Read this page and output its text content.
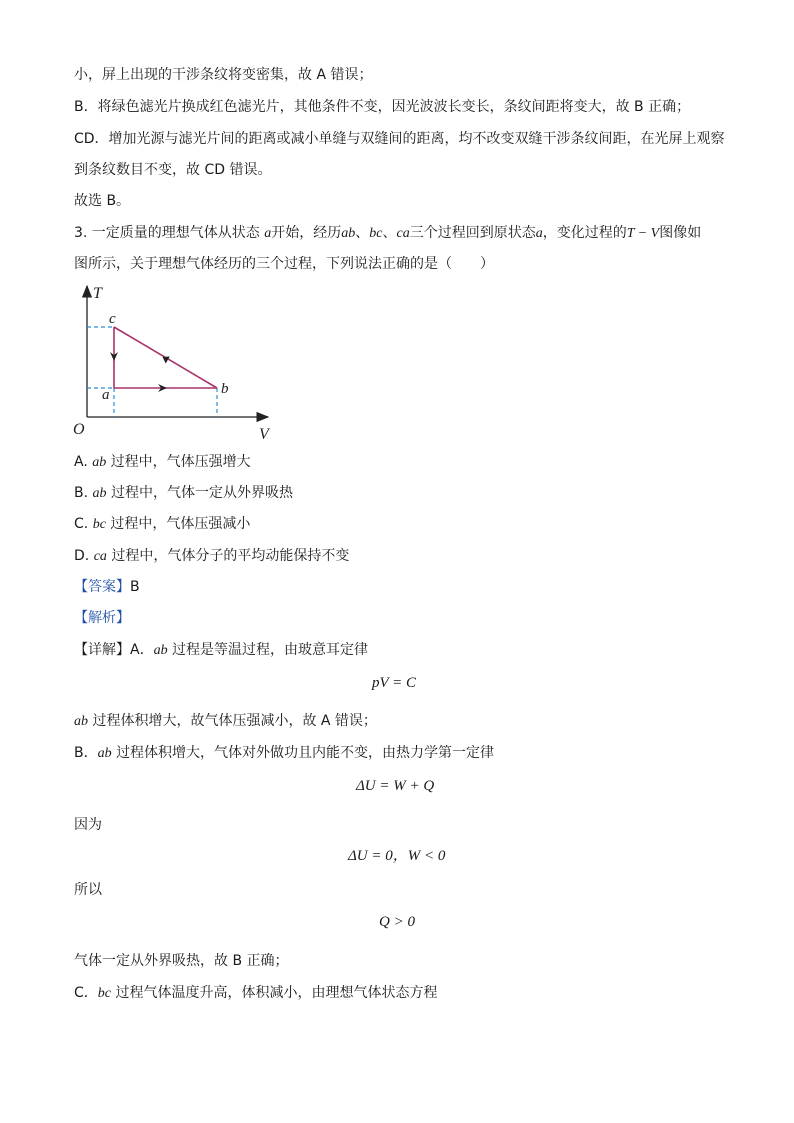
小，屏上出现的干涉条纹将变密集，故 A 错误；
B．将绿色滤光片换成红色滤光片，其他条件不变，因光波波长变长，条纹间距将变大，故 B 正确；
CD．增加光源与滤光片间的距离或减小单缝与双缝间的距离，均不改变双缝干涉条纹间距，在光屏上观察
到条纹数目不变，故 CD 错误。
故选 B。
3. 一定质量的理想气体从状态 a开始，经历ab、bc、ca三个过程回到原状态a，变化过程的T − V图像如
图所示，关于理想气体经历的三个过程，下列说法正确的是（　　）
T
V
O
c
a	b
A. ab 过程中，气体压强增大
B. ab 过程中，气体一定从外界吸热
C. bc 过程中，气体压强减小
D. ca 过程中，气体分子的平均动能保持不变
【答案】B
【解析】
【详解】A．ab 过程是等温过程，由玻意耳定律
pV = C
ab 过程体积增大，故气体压强减小，故 A 错误；
B．ab 过程体积增大，气体对外做功且内能不变，由热力学第一定律
ΔU = W + Q
因为
ΔU = 0，W < 0
所以
Q > 0
气体一定从外界吸热，故 B 正确；
C．bc 过程气体温度升高，体积减小，由理想气体状态方程
